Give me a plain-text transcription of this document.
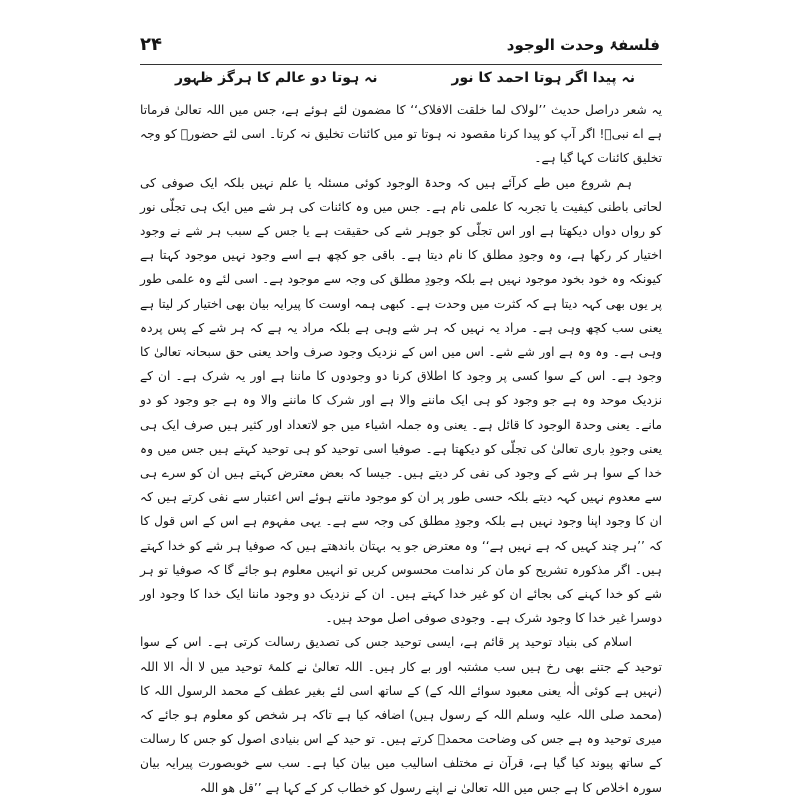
فلسفۂ وحدت الوجود
۲۴
نہ پیدا اگر ہوتا احمد کا نور
نہ ہوتا دو عالم کا ہرگز ظہور

یہ شعر دراصل حدیث ’’لولاک لما خلقت الافلاک‘‘ کا مضمون لئے ہوئے ہے، جس میں اللہ تعالیٰ فرماتا ہے اے نبیؐ! اگر آپ کو پیدا کرنا مقصود نہ ہوتا تو میں کائنات تخلیق نہ کرتا۔ اسی لئے حضورؐ کو وجہ تخلیق کائنات کہا گیا ہے۔

ہم شروع میں طے کرآئے ہیں کہ وحدۃ الوجود کوئی مسئلہ یا علم نہیں بلکہ ایک صوفی کی لحاتی باطنی کیفیت یا تجربہ کا علمی نام ہے۔ جس میں وہ کائنات کی ہر شے میں ایک ہی تجلّی نور کو رواں دواں دیکھتا ہے اور اس تجلّی کو جوہر شے کی حقیقت ہے یا جس کے سبب ہر شے نے وجود اختیار کر رکھا ہے، وہ وجودِ مطلق کا نام دیتا ہے۔ باقی جو کچھ ہے اسے وجود نہیں موجود کہتا ہے کیونکہ وہ خود بخود موجود نہیں ہے بلکہ وجودِ مطلق کی وجہ سے موجود ہے۔ اسی لئے وہ علمی طور پر یوں بھی کہہ دیتا ہے کہ کثرت میں وحدت ہے۔ کبھی ہمہ اوست کا پیرایہ بیان بھی اختیار کر لیتا ہے یعنی سب کچھ وہی ہے۔ مراد یہ نہیں کہ ہر شے وہی ہے بلکہ مراد یہ ہے کہ ہر شے کے پس پردہ وہی ہے۔ وہ وہ ہے اور شے شے۔ اس میں اس کے نزدیک وجود صرف واحد یعنی حق سبحانہ تعالیٰ کا وجود ہے۔ اس کے سوا کسی پر وجود کا اطلاق کرنا دو وجودوں کا ماننا ہے اور یہ شرک ہے۔ ان کے نزدیک موحد وہ ہے جو وجود کو ہی ایک ماننے والا ہے اور شرک کا ماننے والا وہ ہے جو وجود کو دو مانے۔ یعنی وحدۃ الوجود کا قائل ہے۔ یعنی وہ جملہ اشیاء میں جو لاتعداد اور کثیر ہیں صرف ایک ہی یعنی وجودِ باری تعالیٰ کی تجلّی کو دیکھتا ہے۔ صوفیا اسی توحید کو ہی توحید کہتے ہیں جس میں وہ خدا کے سوا ہر شے کے وجود کی نفی کر دیتے ہیں۔ جیسا کہ بعض معترض کہتے ہیں ان کو سرے ہی سے معدوم نہیں کہہ دیتے بلکہ حسی طور پر ان کو موجود مانتے ہوئے اس اعتبار سے نفی کرتے ہیں کہ ان کا وجود اپنا وجود نہیں ہے بلکہ وجودِ مطلق کی وجہ سے ہے۔ یہی مفہوم ہے اس کے اس قول کا کہ ’’ہر چند کہیں کہ ہے نہیں ہے‘‘ وہ معترض جو یہ بہتان باندھتے ہیں کہ صوفیا ہر شے کو خدا کہتے ہیں۔ اگر مذکورہ تشریح کو مان کر ندامت محسوس کریں تو انہیں معلوم ہو جائے گا کہ صوفیا تو ہر شے کو خدا کہنے کی بجائے ان کو غیر خدا کہتے ہیں۔ ان کے نزدیک دو وجود ماننا ایک خدا کا وجود اور دوسرا غیر خدا کا وجود شرک ہے۔ وجودی صوفی اصل موحد ہیں۔

اسلام کی بنیاد توحید پر قائم ہے، ایسی توحید جس کی تصدیق رسالت کرتی ہے۔ اس کے سوا توحید کے جتنے بھی رخ ہیں سب مشتبہ اور بے کار ہیں۔ اللہ تعالیٰ نے کلمۂ توحید میں لا الٰہ الا اللہ (نہیں ہے کوئی الٰہ یعنی معبود سوائے اللہ کے) کے ساتھ اسی لئے بغیر عطف کے محمد الرسول اللہ کا (محمد صلی اللہ علیہ وسلم اللہ کے رسول ہیں) اضافہ کیا ہے تاکہ ہر شخص کو معلوم ہو جائے کہ میری توحید وہ ہے جس کی وضاحت محمدؐ کرتے ہیں۔ تو حید کے اس بنیادی اصول کو جس کا رسالت کے ساتھ پیوند کیا گیا ہے، قرآن نے مختلف اسالیب میں بیان کیا ہے۔ سب سے خوبصورت پیرایہ بیان سورہ اخلاص کا ہے جس میں اللہ تعالیٰ نے اپنے رسول کو خطاب کر کے کہا ہے ’’قل ھو اللہ
